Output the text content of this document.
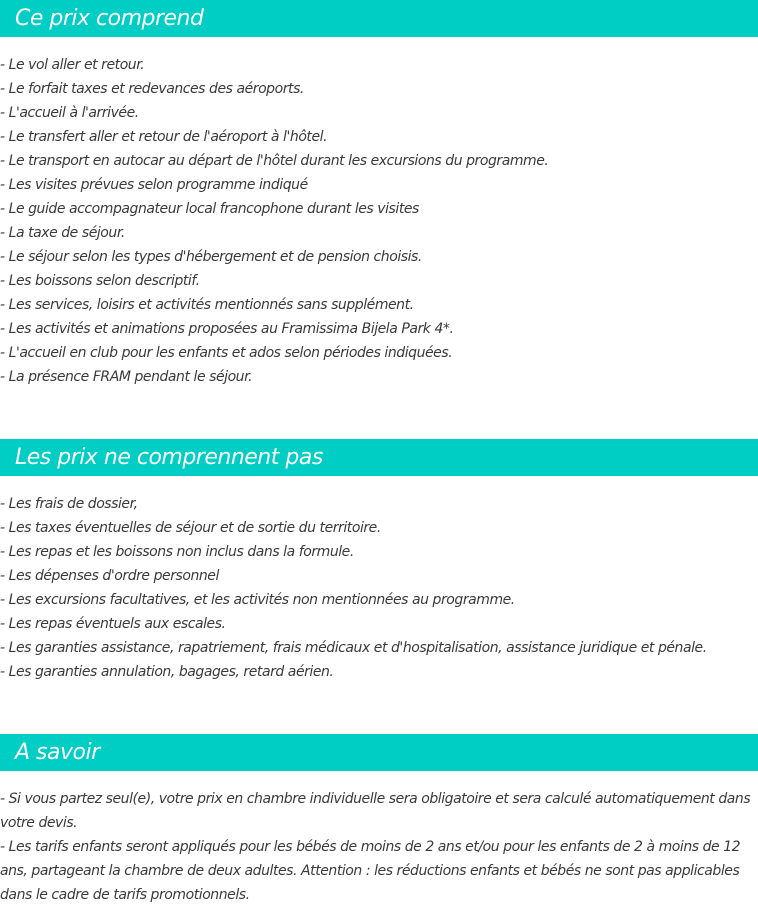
Ce prix comprend
- Le vol aller et retour.
- Le forfait taxes et redevances des aéroports.
- L'accueil à l'arrivée.
- Le transfert aller et retour de l'aéroport à l'hôtel.
- Le transport en autocar au départ de l'hôtel durant les excursions du programme.
- Les visites prévues selon programme indiqué
- Le guide accompagnateur local francophone durant les visites
- La taxe de séjour.
- Le séjour selon les types d'hébergement et de pension choisis.
- Les boissons selon descriptif.
- Les services, loisirs et activités mentionnés sans supplément.
- Les activités et animations proposées au Framissima Bijela Park 4*.
- L'accueil en club pour les enfants et ados selon périodes indiquées.
- La présence FRAM pendant le séjour.
Les prix ne comprennent pas
- Les frais de dossier,
- Les taxes éventuelles de séjour et de sortie du territoire.
- Les repas et les boissons non inclus dans la formule.
- Les dépenses d'ordre personnel
- Les excursions facultatives, et les activités non mentionnées au programme.
- Les repas éventuels aux escales.
- Les garanties assistance, rapatriement, frais médicaux et d'hospitalisation, assistance juridique et pénale.
- Les garanties annulation, bagages, retard aérien.
A savoir

- Si vous partez seul(e), votre prix en chambre individuelle sera obligatoire et sera calculé automatiquement dans votre devis.

- Les tarifs enfants seront appliqués pour les bébés de moins de 2 ans et/ou pour les enfants de 2 à moins de 12 ans, partageant la chambre de deux adultes. Attention : les réductions enfants et bébés ne sont pas applicables dans le cadre de tarifs promotionnels.
